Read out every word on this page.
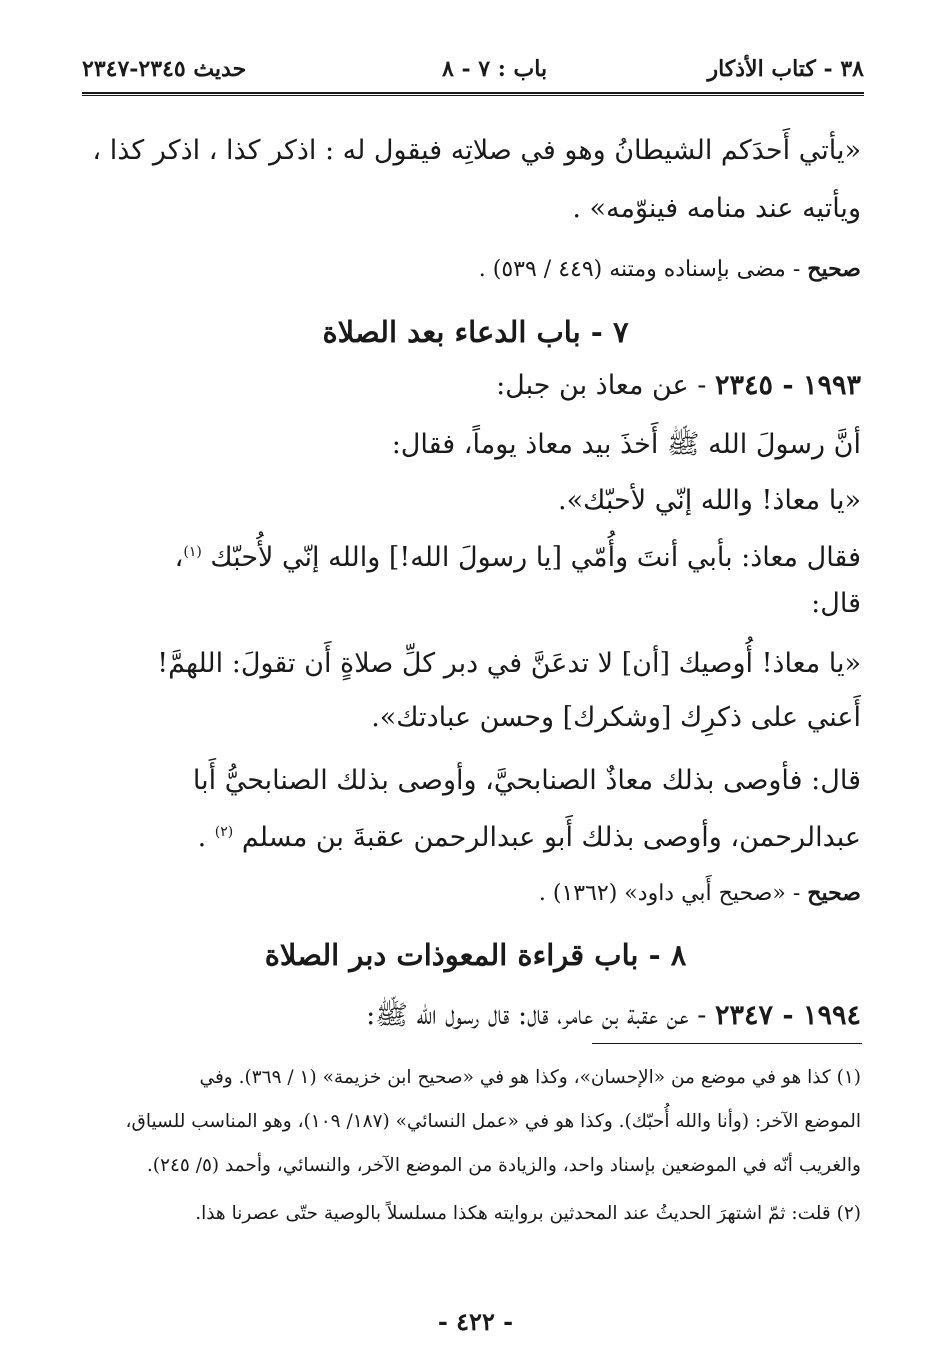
٣٨ - كتاب الأذكار
باب : ٧ - ٨
حديث ٢٣٤٥-٢٣٤٧
«يأتي أَحدَكم الشيطانُ وهو في صلاتِه فيقول له : اذكر كذا ، اذكر كذا ،
ويأتيه عند منامه فينوّمه» .
صحيح - مضى بإسناده ومتنه (٤٤٩ / ٥٣٩) .
٧ - باب الدعاء بعد الصلاة
١٩٩٣ - ٢٣٤٥ - عن معاذ بن جبل:
أنَّ رسولَ الله ﷺ أَخذَ بيد معاذ يوماً، فقال:
«يا معاذ! والله إنّي لأحبّك».
فقال معاذ: بأبي أنتَ وأُمّي [يا رسولَ الله!] والله إنّي لأُحبّك $^{(١)}$،
قال:
«يا معاذ! أُوصيك [أن] لا تدعَنَّ في دبر كلِّ صلاةٍ أَن تقولَ: اللهمَّ!
أَعني على ذكرِك [وشكرك] وحسن عبادتك».
قال: فأوصى بذلك معاذٌ الصنابحيَّ، وأوصى بذلك الصنابحيُّ أَبا
عبدالرحمن، وأوصى بذلك أَبو عبدالرحمن عقبةَ بن مسلم $^{(٢)}$ .
صحيح - «صحيح أَبي داود» (١٣٦٢) .
٨ - باب قراءة المعوذات دبر الصلاة
١٩٩٤ - ٢٣٤٧ - عن عقبة بن عامر، قال: قال رسول الله ﷺ:
(١) كذا هو في موضع من «الإحسان»، وكذا هو في «صحيح ابن خزيمة» (١ / ٣٦٩). وفي
الموضع الآخر: (وأنا والله أُحبّك). وكذا هو في «عمل النسائي» (١٨٧/ ١٠٩)، وهو المناسب للسياق،
والغريب أنّه في الموضعين بإسناد واحد، والزيادة من الموضع الآخر، والنسائي، وأحمد (٥/ ٢٤٥).
(٢) قلت: ثمّ اشتهرَ الحديثُ عند المحدثين بروايته هكذا مسلسلاً بالوصية حتّى عصرنا هذا.
- ٤٢٢ -
